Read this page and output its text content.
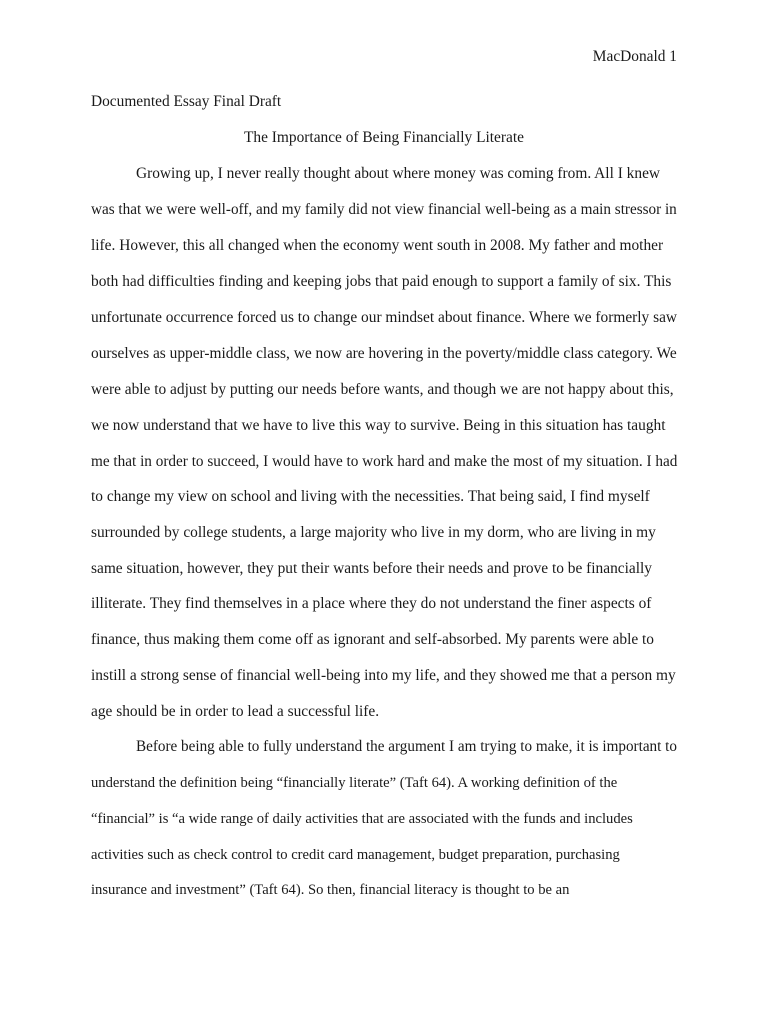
MacDonald 1
Documented Essay Final Draft
The Importance of Being Financially Literate
Growing up, I never really thought about where money was coming from. All I knew
was that we were well-off, and my family did not view financial well-being as a main stressor in
life. However, this all changed when the economy went south in 2008. My father and mother
both had difficulties finding and keeping jobs that paid enough to support a family of six. This
unfortunate occurrence forced us to change our mindset about finance. Where we formerly saw
ourselves as upper-middle class, we now are hovering in the poverty/middle class category. We
were able to adjust by putting our needs before wants, and though we are not happy about this,
we now understand that we have to live this way to survive. Being in this situation has taught
me that in order to succeed, I would have to work hard and make the most of my situation. I had
to change my view on school and living with the necessities. That being said, I find myself
surrounded by college students, a large majority who live in my dorm, who are living in my
same situation, however, they put their wants before their needs and prove to be financially
illiterate. They find themselves in a place where they do not understand the finer aspects of
finance, thus making them come off as ignorant and self-absorbed. My parents were able to
instill a strong sense of financial well-being into my life, and they showed me that a person my
age should be in order to lead a successful life.
Before being able to fully understand the argument I am trying to make, it is important to
understand the definition being “financially literate” (Taft 64). A working definition of the
“financial” is “a wide range of daily activities that are associated with the funds and includes
activities such as check control to credit card management, budget preparation, purchasing
insurance and investment” (Taft 64). So then, financial literacy is thought to be an
